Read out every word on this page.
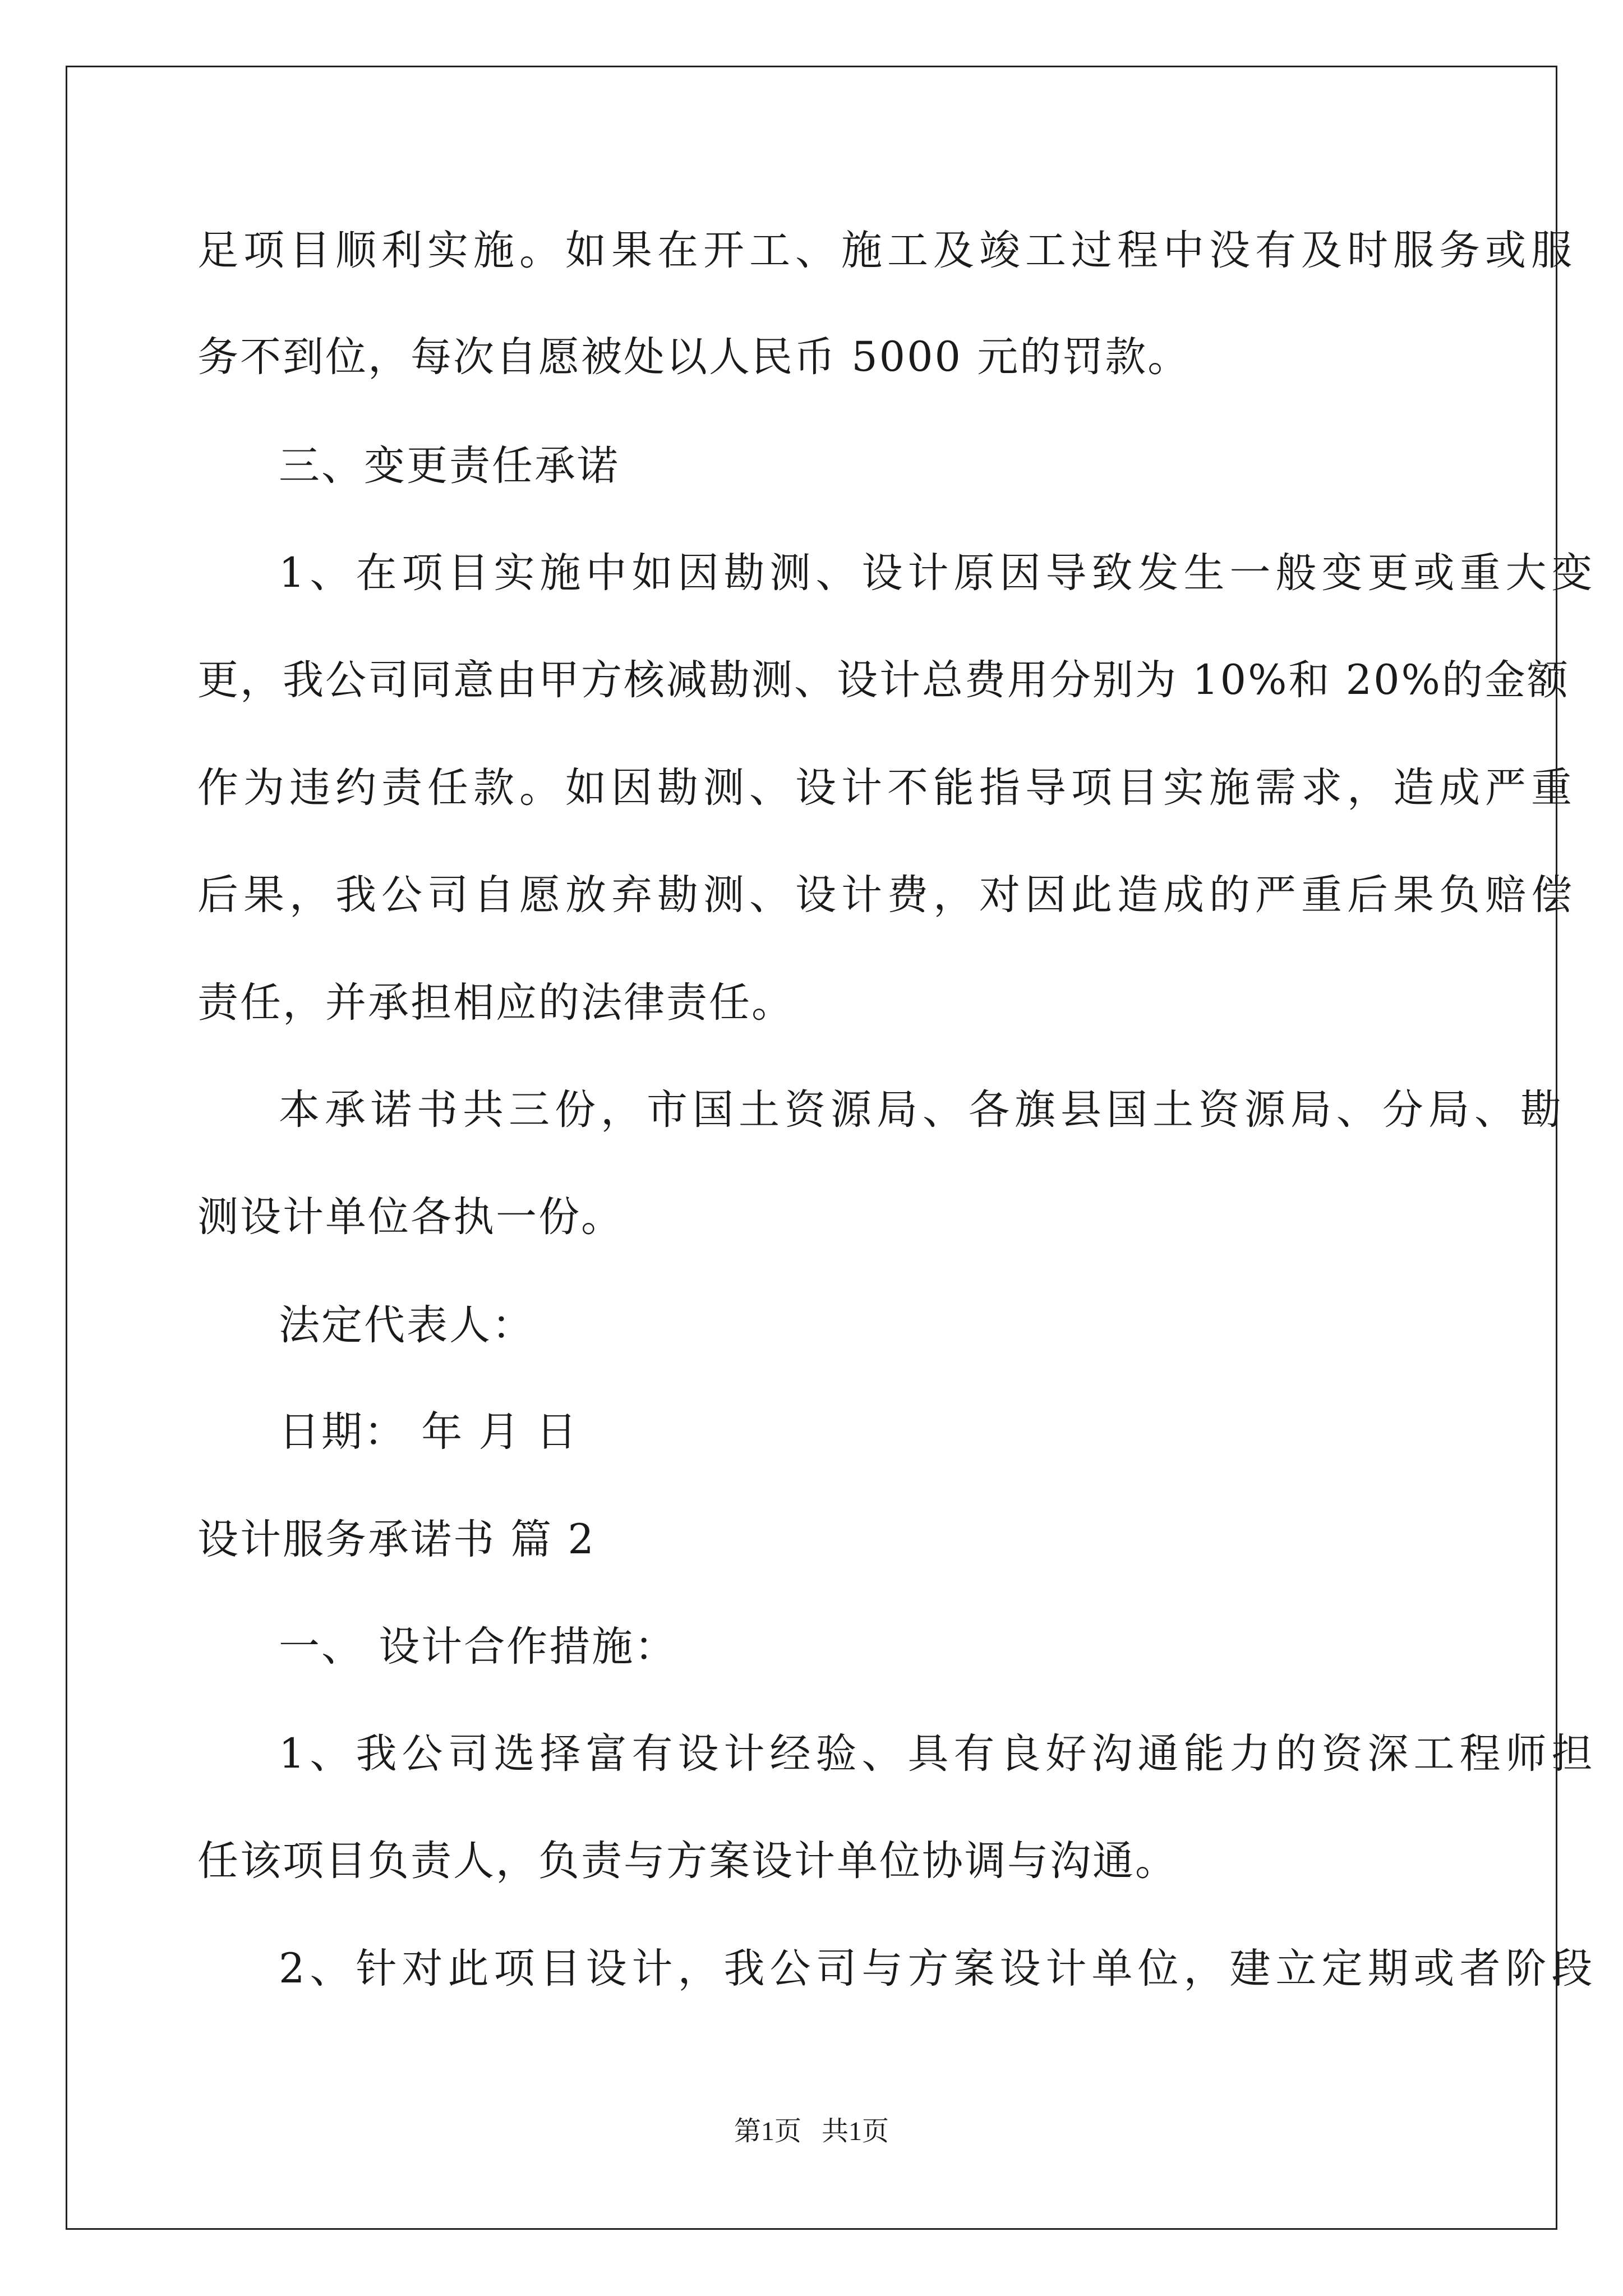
足项目顺利实施。如果在开工、施工及竣工过程中没有及时服务或服
务不到位，每次自愿被处以人民币 5000 元的罚款。
三、变更责任承诺
1、在项目实施中如因勘测、设计原因导致发生一般变更或重大变
更，我公司同意由甲方核减勘测、设计总费用分别为 10%和 20%的金额
作为违约责任款。如因勘测、设计不能指导项目实施需求，造成严重
后果，我公司自愿放弃勘测、设计费，对因此造成的严重后果负赔偿
责任，并承担相应的法律责任。
本承诺书共三份，市国土资源局、各旗县国土资源局、分局、勘
测设计单位各执一份。
法定代表人：
日期： 年 月 日
设计服务承诺书 篇 2
一、 设计合作措施：
1、我公司选择富有设计经验、具有良好沟通能力的资深工程师担
任该项目负责人，负责与方案设计单位协调与沟通。
2、针对此项目设计，我公司与方案设计单位，建立定期或者阶段
第1页   共1页
